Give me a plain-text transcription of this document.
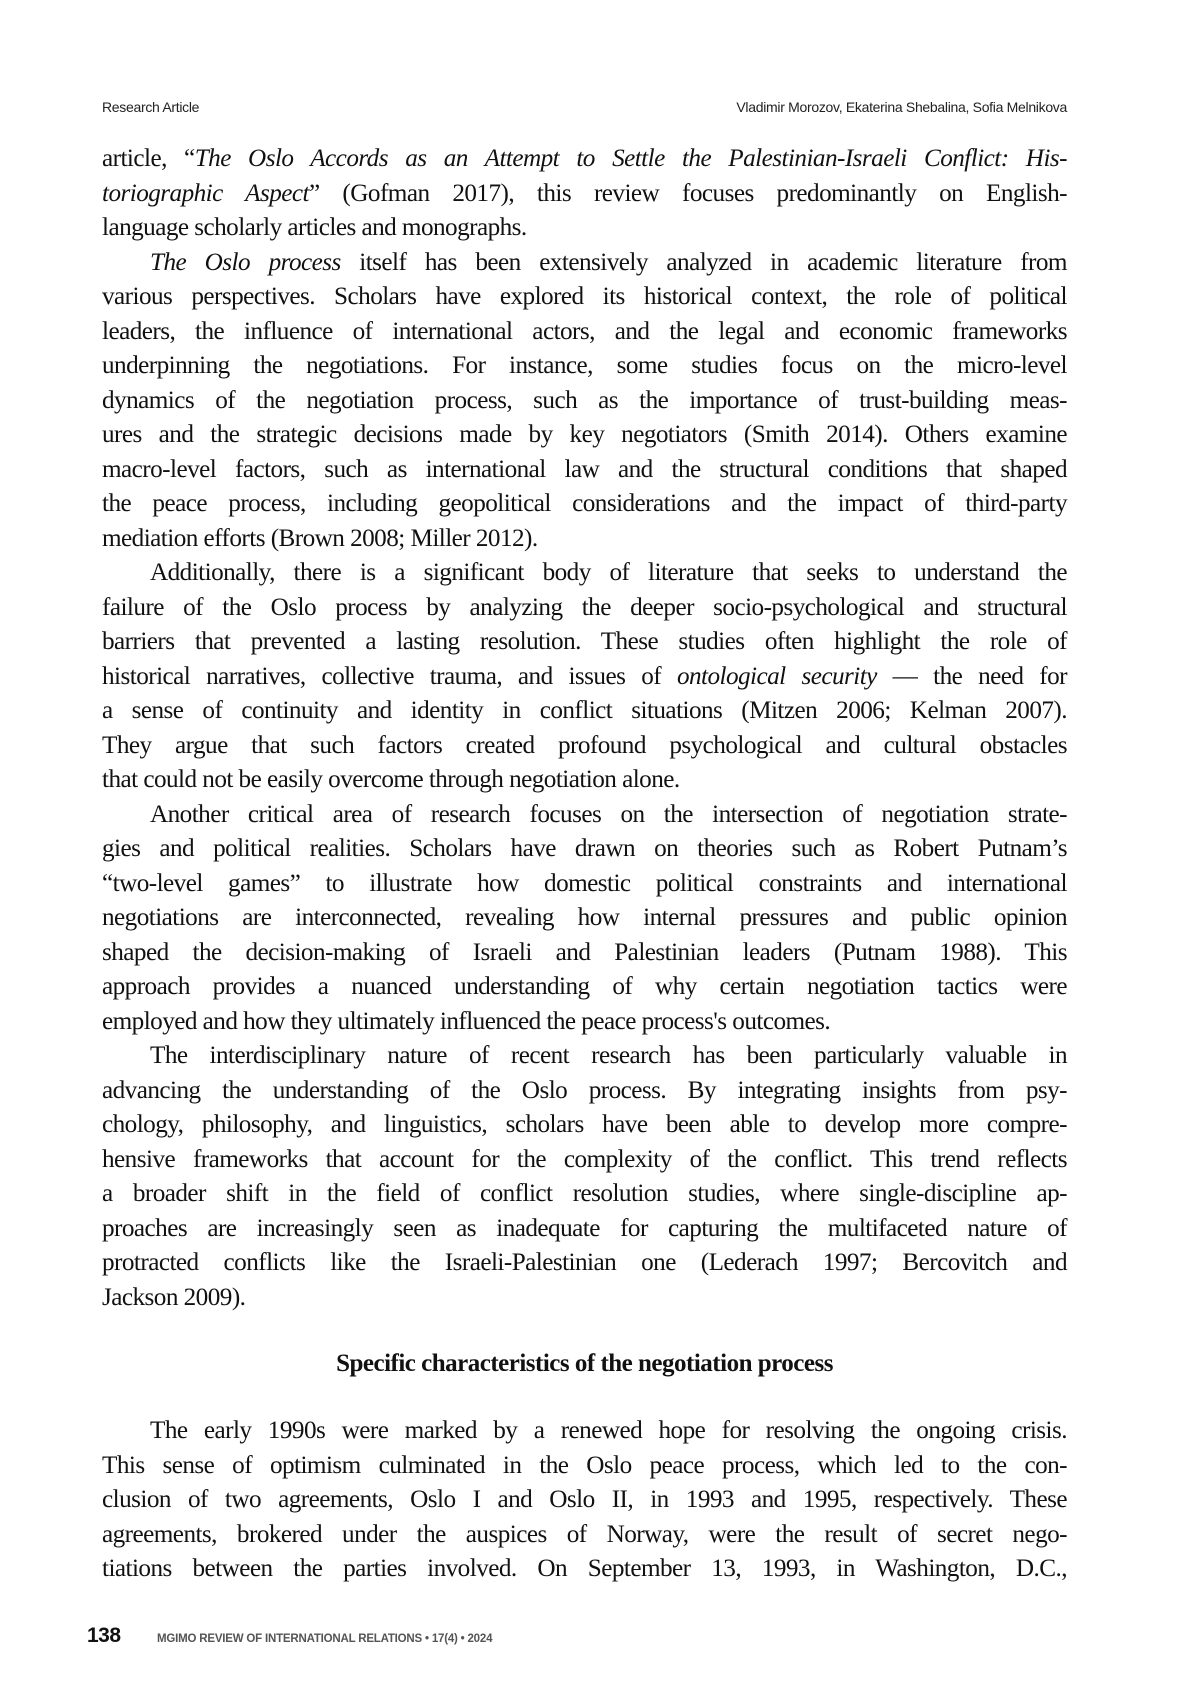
Research Article	Vladimir Morozov, Ekaterina Shebalina, Sofia Melnikova
article, “The Oslo Accords as an Attempt to Settle the Palestinian-Israeli Conflict: His-
toriographic Aspect” (Gofman 2017), this review focuses predominantly on English-
language scholarly articles and monographs.
The Oslo process itself has been extensively analyzed in academic literature from
various perspectives. Scholars have explored its historical context, the role of political
leaders, the influence of international actors, and the legal and economic frameworks
underpinning the negotiations. For instance, some studies focus on the micro-level
dynamics of the negotiation process, such as the importance of trust-building meas-
ures and the strategic decisions made by key negotiators (Smith 2014). Others examine
macro-level factors, such as international law and the structural conditions that shaped
the peace process, including geopolitical considerations and the impact of third-party
mediation efforts (Brown 2008; Miller 2012).
Additionally, there is a significant body of literature that seeks to understand the
failure of the Oslo process by analyzing the deeper socio-psychological and structural
barriers that prevented a lasting resolution. These studies often highlight the role of
historical narratives, collective trauma, and issues of ontological security — the need for
a sense of continuity and identity in conflict situations (Mitzen 2006; Kelman 2007).
They argue that such factors created profound psychological and cultural obstacles
that could not be easily overcome through negotiation alone.
Another critical area of research focuses on the intersection of negotiation strate-
gies and political realities. Scholars have drawn on theories such as Robert Putnam’s
“two-level games” to illustrate how domestic political constraints and international
negotiations are interconnected, revealing how internal pressures and public opinion
shaped the decision-making of Israeli and Palestinian leaders (Putnam 1988). This
approach provides a nuanced understanding of why certain negotiation tactics were
employed and how they ultimately influenced the peace process's outcomes.
The interdisciplinary nature of recent research has been particularly valuable in
advancing the understanding of the Oslo process. By integrating insights from psy-
chology, philosophy, and linguistics, scholars have been able to develop more compre-
hensive frameworks that account for the complexity of the conflict. This trend reflects
a broader shift in the field of conflict resolution studies, where single-discipline ap-
proaches are increasingly seen as inadequate for capturing the multifaceted nature of
protracted conflicts like the Israeli-Palestinian one (Lederach 1997; Bercovitch and
Jackson 2009).
Specific characteristics of the negotiation process
The early 1990s were marked by a renewed hope for resolving the ongoing crisis.
This sense of optimism culminated in the Oslo peace process, which led to the con-
clusion of two agreements, Oslo I and Oslo II, in 1993 and 1995, respectively. These
agreements, brokered under the auspices of Norway, were the result of secret nego-
tiations between the parties involved. On September 13, 1993, in Washington, D.C.,
138	MGIMO REVIEW OF INTERNATIONAL RELATIONS • 17(4) • 2024
